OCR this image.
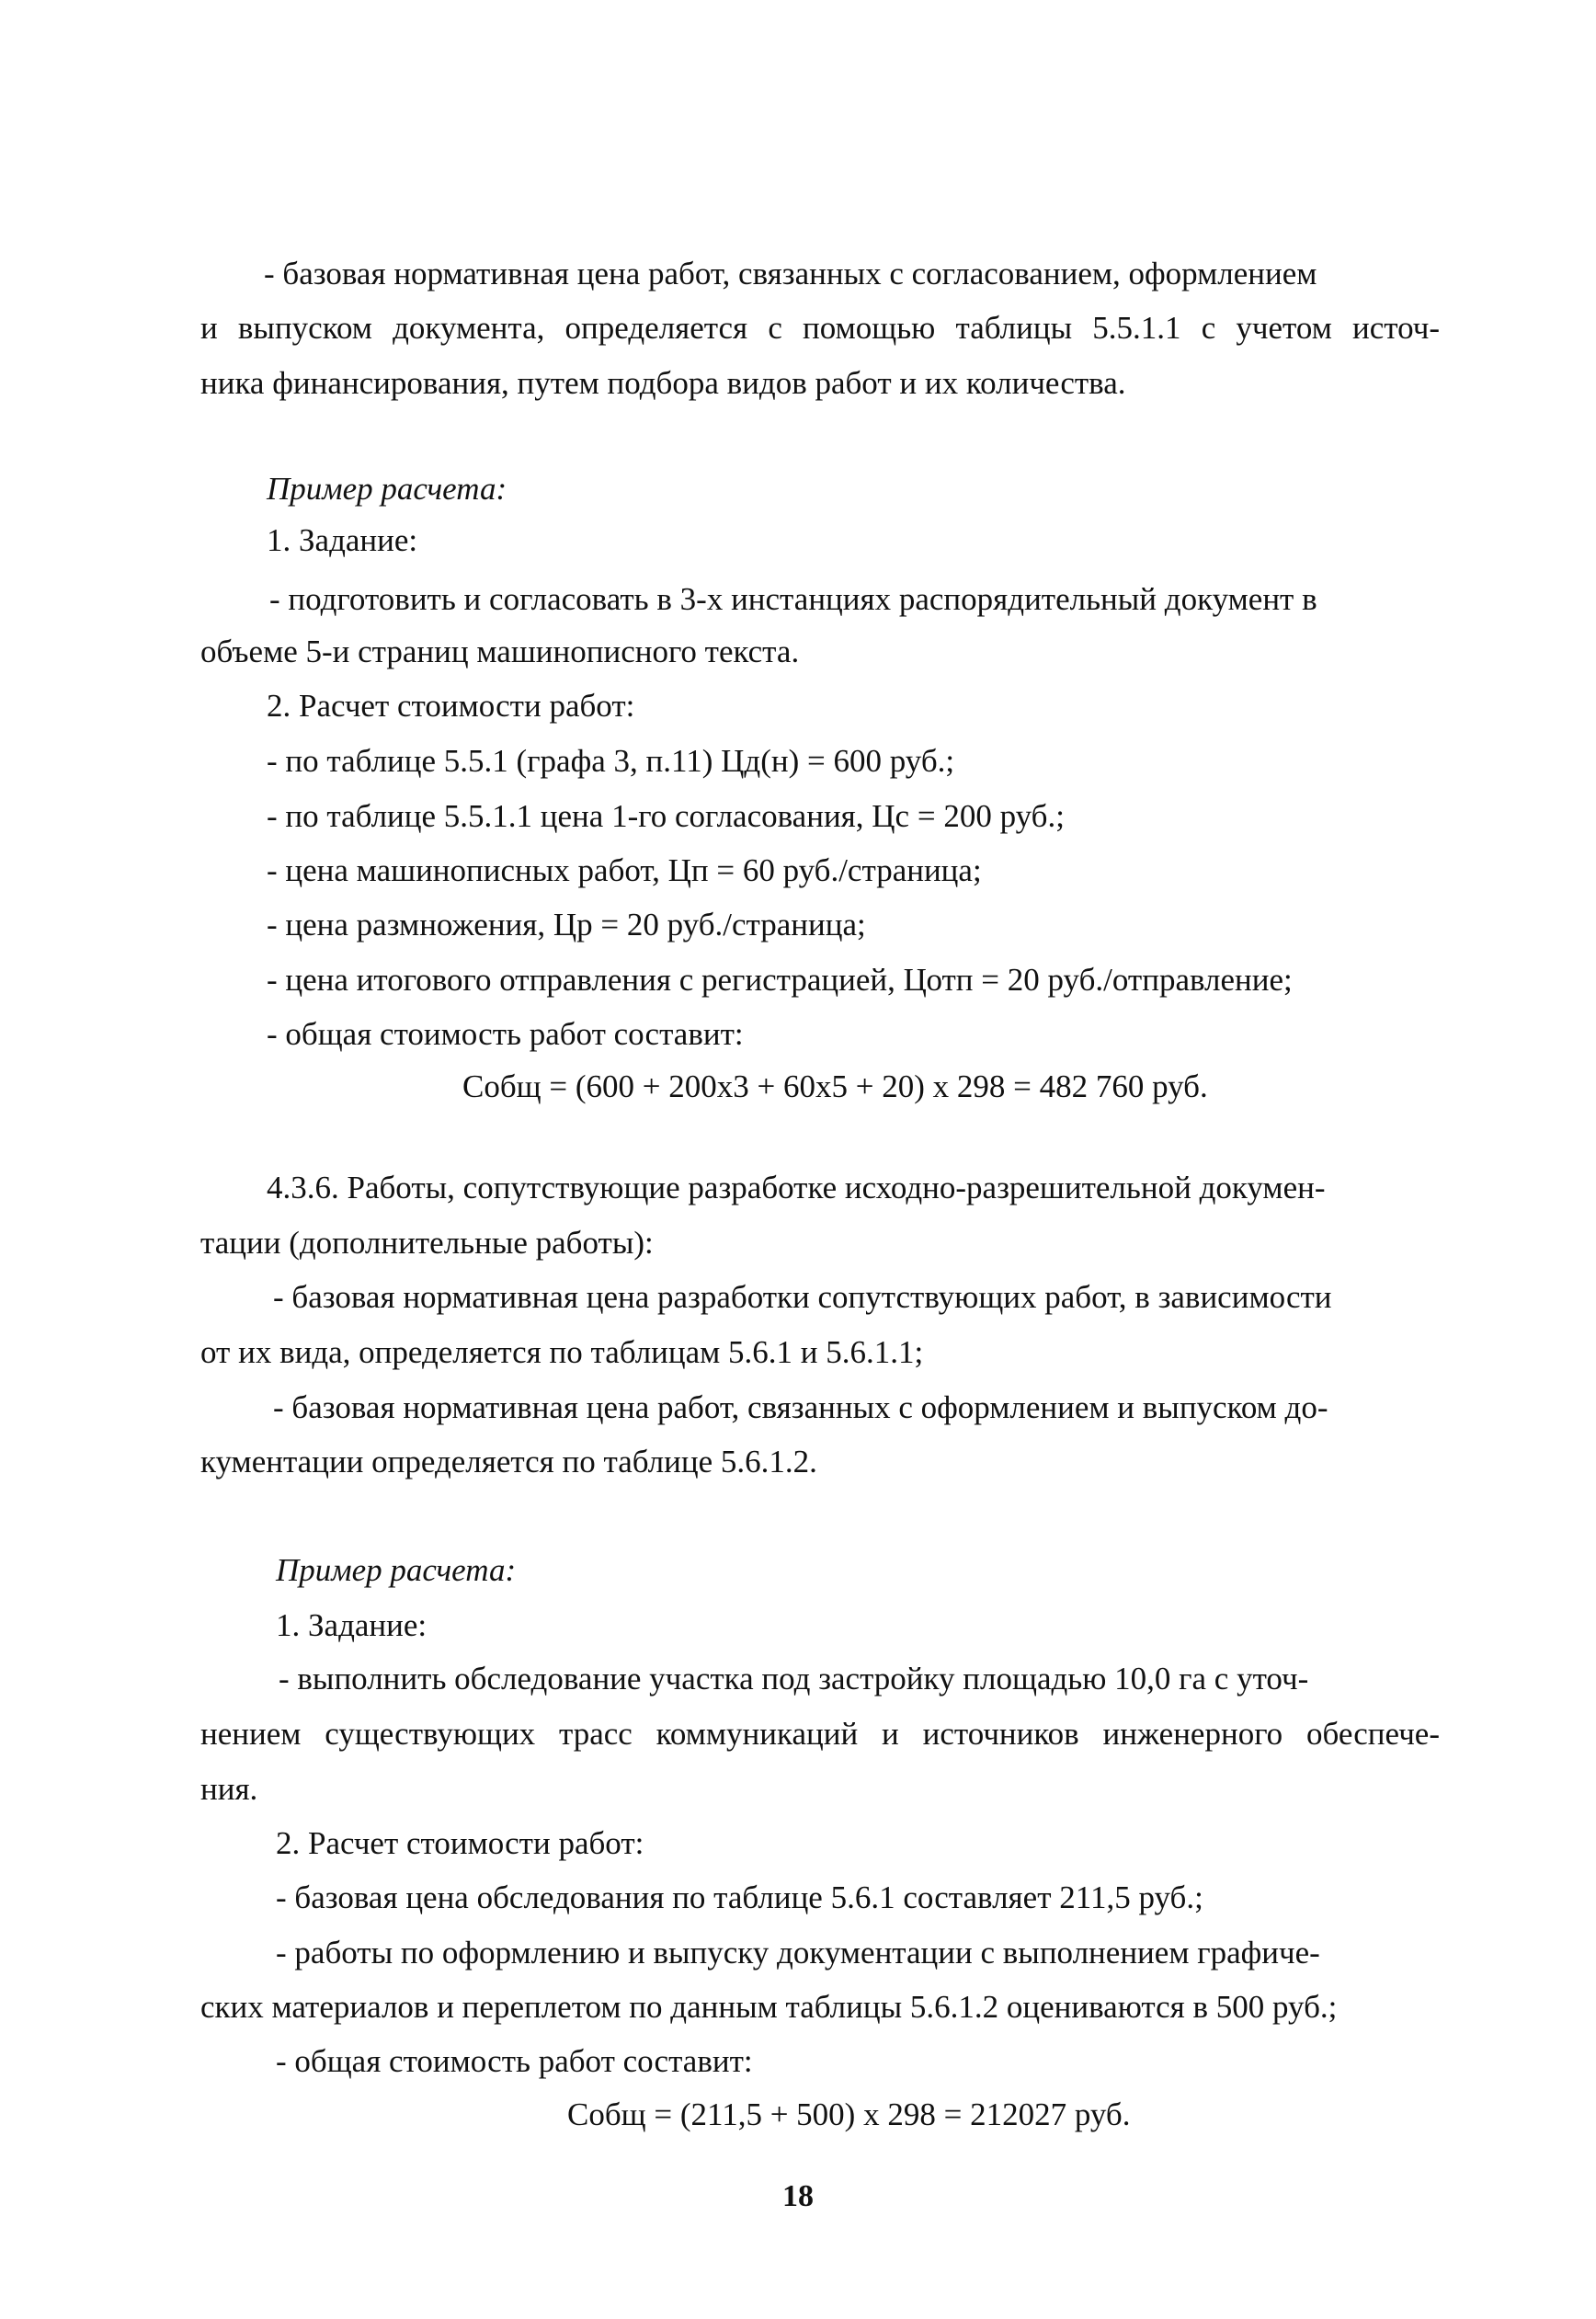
- базовая нормативная цена работ, связанных с согласованием, оформлением
и выпуском документа, определяется с помощью таблицы 5.5.1.1 с учетом источ-
ника финансирования, путем подбора видов работ и их количества.
Пример расчета:
1. Задание:
- подготовить и согласовать в 3-х инстанциях распорядительный документ в
объеме 5-и страниц машинописного текста.
2. Расчет стоимости работ:
- по таблице 5.5.1 (графа 3, п.11) Цд(н) = 600 руб.;
- по таблице 5.5.1.1 цена 1-го согласования, Цс = 200 руб.;
- цена машинописных работ, Цп = 60 руб./страница;
- цена размножения, Цр = 20 руб./страница;
- цена итогового отправления с регистрацией, Цотп = 20 руб./отправление;
- общая стоимость работ составит:
Собщ = (600 + 200х3 + 60х5 + 20) х 298 = 482 760 руб.
4.3.6. Работы, сопутствующие разработке исходно-разрешительной докумен-
тации (дополнительные работы):
- базовая нормативная цена разработки сопутствующих работ, в зависимости
от их вида, определяется по таблицам 5.6.1 и 5.6.1.1;
- базовая нормативная цена работ, связанных с оформлением и выпуском до-
кументации определяется по таблице 5.6.1.2.
Пример расчета:
1. Задание:
- выполнить обследование участка под застройку площадью 10,0 га с уточ-
нением существующих трасс коммуникаций и источников инженерного обеспече-
ния.
2. Расчет стоимости работ:
- базовая цена обследования по таблице 5.6.1 составляет 211,5 руб.;
- работы по оформлению и выпуску документации с выполнением графиче-
ских материалов и переплетом по данным таблицы 5.6.1.2 оцениваются в 500 руб.;
- общая стоимость работ составит:
Собщ = (211,5 + 500) х 298 = 212027 руб.
18
